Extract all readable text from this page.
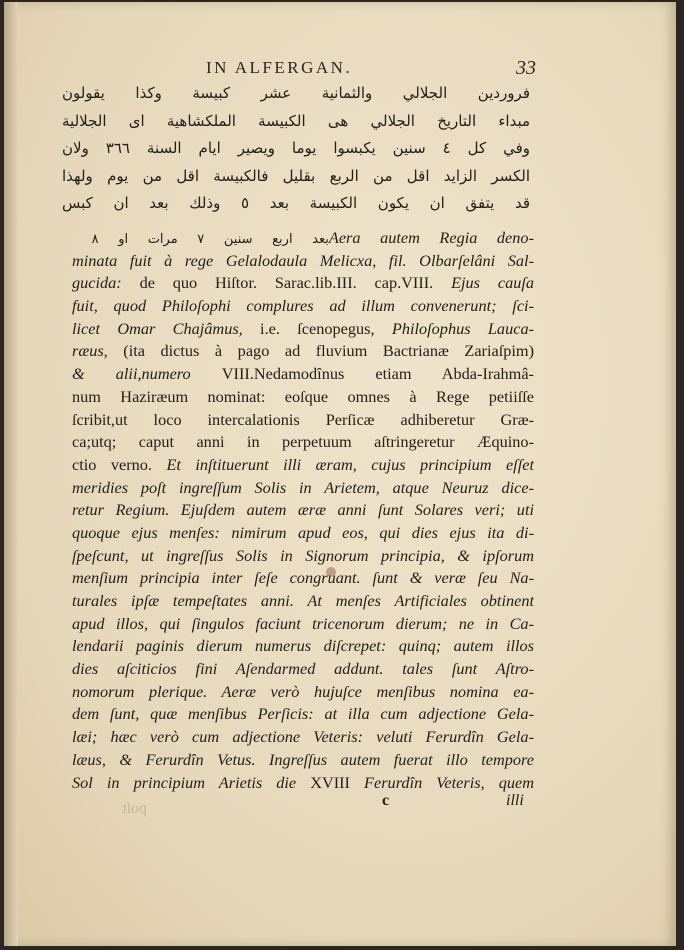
IN ALFERGAN.	33
فروردين الجلالي والثمانية عشر كبيسة وكذا يقولون
مبداء التاريخ الجلالي هى الكبيسة الملكشاهية اى الجلالية
وفي كل ٤ سنين يكبسوا يوما ويصير ايام السنة ٣٦٦ ولان
الكسر الزايد اقل من الربع بقليل فالكبيسة اقل من يوم ولهذا
قد يتفق ان يكون الكبيسة بعد ٥ وذلك بعد ان كبس
بعد اربع سنين ٧ مرات او ٨ Aera autem Regia deno-
minata fuit à rege Gelalodaula Melicxa, fil. Olbarſelâni Sal-
gucida: de quo Hiſtor. Sarac.lib.III. cap.VIII. Ejus cauſa
fuit, quod Philoſophi complures ad illum convenerunt; ſci-
licet Omar Chajâmus, i.e. ſcenopegus, Philoſophus Lauca-
ræus, (ita dictus à pago ad fluvium Bactrianæ Zariaſpim)
& alii,numero VIII.Nedamodînus etiam Abda-Irahmâ-
num Hazіræum nominat: eoſque omnes à Rege petiiſſe
ſcribit,ut loco intercalationis Perſicæ adhiberetur Græ-
ca;utq; caput anni in perpetuum aſtringeretur Æquino-
ctio verno. Et inſtituerunt illi æram, cujus principium eſſet
meridies poſt ingreſſum Solis in Arietem, atque Neuruz dice-
retur Regium. Ejuſdem autem æræ anni ſunt Solares veri; uti
quoque ejus menſes: nimirum apud eos, qui dies ejus ita di-
ſpeſcunt, ut ingreſſus Solis in Signorum principia, & ipſorum
menſium principia inter ſeſe congruant. ſunt & veræ ſeu Na-
turales ipſæ tempeſtates anni. At menſes Artificiales obtinent
apud illos, qui ſingulos faciunt tricenorum dierum; ne in Ca-
lendarii paginis dierum numerus diſcrepet: quinq; autem illos
dies aſciticios fini Aſendarmed addunt. tales ſunt Aſtro-
nomorum plerique. Aeræ verò hujuſce menſibus nomina ea-
dem ſunt, quæ menſibus Perſicis: at illa cum adjectione Gela-
læi; hæc verò cum adjectione Veteris: veluti Ferurdîn Gela-
læus, & Ferurdîn Vetus. Ingreſſus autem fuerat illo tempore
Sol in principium Arietis die XVIII Ferurdîn Veteris, quem
poſt	c	illi
